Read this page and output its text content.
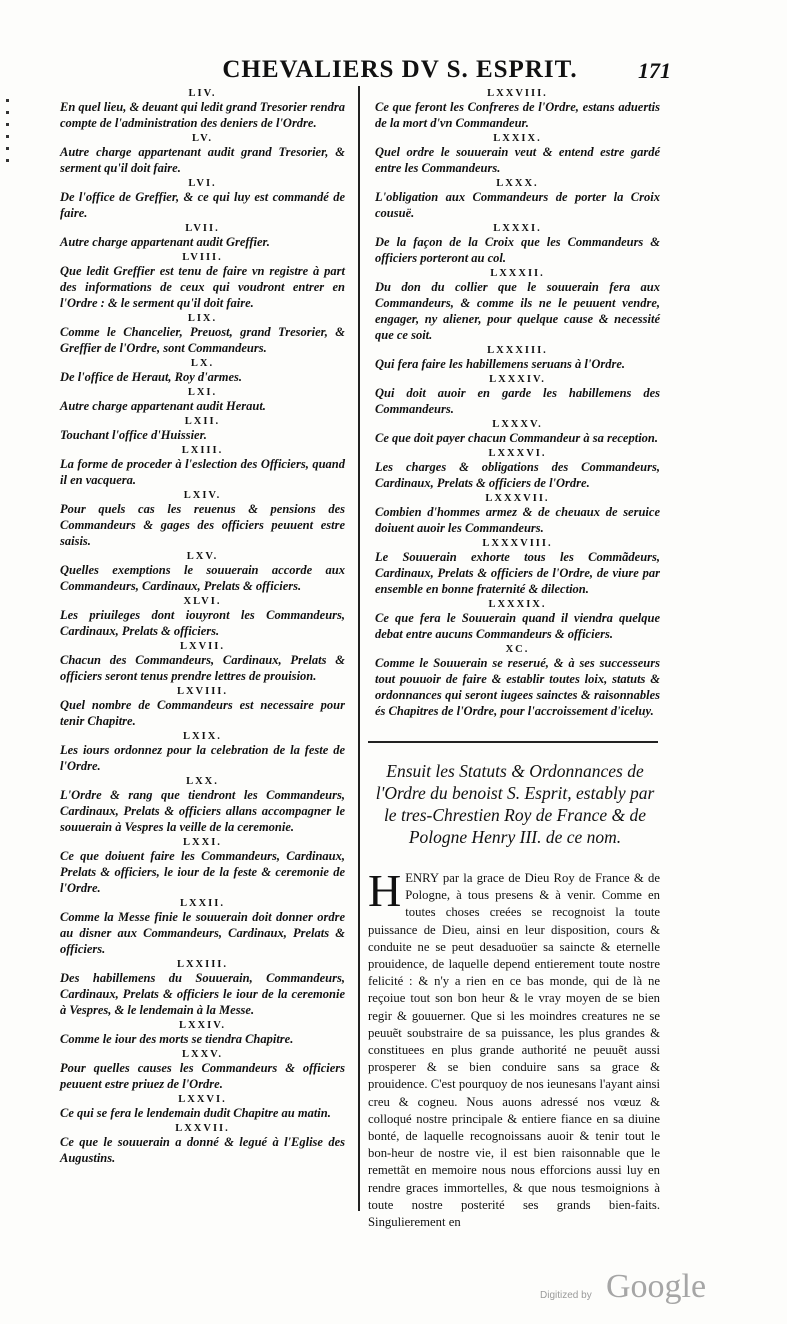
CHEVALIERS DV S. ESPRIT.	171
LIV.
En quel lieu, & deuant qui ledit grand Tresorier rendra compte de l'administration des deniers de l'Ordre.
LV.
Autre charge appartenant audit grand Tresorier, & serment qu'il doit faire.
LVI.
De l'office de Greffier, & ce qui luy est commandé de faire.
LVII.
Autre charge appartenant audit Greffier.
LVIII.
Que ledit Greffier est tenu de faire vn registre à part des informations de ceux qui voudront entrer en l'Ordre : & le serment qu'il doit faire.
LIX.
Comme le Chancelier, Preuost, grand Tresorier, & Greffier de l'Ordre, sont Commandeurs.
LX.
De l'office de Heraut, Roy d'armes.
LXI.
Autre charge appartenant audit Heraut.
LXII.
Touchant l'office d'Huissier.
LXIII.
La forme de proceder à l'eslection des Officiers, quand il en vacquera.
LXIV.
Pour quels cas les reuenus & pensions des Commandeurs & gages des officiers peuuent estre saisis.
LXV.
Quelles exemptions le souuerain accorde aux Commandeurs, Cardinaux, Prelats & officiers.
XLVI.
Les priuileges dont iouyront les Commandeurs, Cardinaux, Prelats & officiers.
LXVII.
Chacun des Commandeurs, Cardinaux, Prelats & officiers seront tenus prendre lettres de prouision.
LXVIII.
Quel nombre de Commandeurs est necessaire pour tenir Chapitre.
LXIX.
Les iours ordonnez pour la celebration de la feste de l'Ordre.
LXX.
L'Ordre & rang que tiendront les Commandeurs, Cardinaux, Prelats & officiers allans accompagner le souuerain à Vespres la veille de la ceremonie.
LXXI.
Ce que doiuent faire les Commandeurs, Cardinaux, Prelats & officiers, le iour de la feste & ceremonie de l'Ordre.
LXXII.
Comme la Messe finie le souuerain doit donner ordre au disner aux Commandeurs, Cardinaux, Prelats & officiers.
LXXIII.
Des habillemens du Souuerain, Commandeurs, Cardinaux, Prelats & officiers le iour de la ceremonie à Vespres, & le lendemain à la Messe.
LXXIV.
Comme le iour des morts se tiendra Chapitre.
LXXV.
Pour quelles causes les Commandeurs & officiers peuuent estre priuez de l'Ordre.
LXXVI.
Ce qui se fera le lendemain dudit Chapitre au matin.
LXXVII.
Ce que le souuerain a donné & legué à l'Eglise des Augustins.
LXXVIII.
Ce que feront les Confreres de l'Ordre, estans aduertis de la mort d'vn Commandeur.
LXXIX.
Quel ordre le souuerain veut & entend estre gardé entre les Commandeurs.
LXXX.
L'obligation aux Commandeurs de porter la Croix cousuë.
LXXXI.
De la façon de la Croix que les Commandeurs & officiers porteront au col.
LXXXII.
Du don du collier que le souuerain fera aux Commandeurs, & comme ils ne le peuuent vendre, engager, ny aliener, pour quelque cause & necessité que ce soit.
LXXXIII.
Qui fera faire les habillemens seruans à l'Ordre.
LXXXIV.
Qui doit auoir en garde les habillemens des Commandeurs.
LXXXV.
Ce que doit payer chacun Commandeur à sa reception.
LXXXVI.
Les charges & obligations des Commandeurs, Cardinaux, Prelats & officiers de l'Ordre.
LXXXVII.
Combien d'hommes armez & de cheuaux de seruice doiuent auoir les Commandeurs.
LXXXVIII.
Le Souuerain exhorte tous les Commãdeurs, Cardinaux, Prelats & officiers de l'Ordre, de viure par ensemble en bonne fraternité & dilection.
LXXXIX.
Ce que fera le Souuerain quand il viendra quelque debat entre aucuns Commandeurs & officiers.
XC.
Comme le Souuerain se reserué, & à ses successeurs tout pouuoir de faire & establir toutes loix, statuts & ordonnances qui seront iugees sainctes & raisonnables és Chapitres de l'Ordre, pour l'accroissement d'iceluy.
Ensuit les Statuts & Ordonnances de l'Ordre du benoist S. Esprit, estably par le tres-Chrestien Roy de France & de Pologne Henry III. de ce nom.
H ENRY par la grace de Dieu Roy de France & de Pologne, à tous presens & à venir. Comme en toutes choses creées se recognoist la toute puissance de Dieu, ainsi en leur disposition, cours & conduite ne se peut desaduoüer sa saincte & eternelle prouidence, de laquelle depend entierement toute nostre felicité : & n'y a rien en ce bas monde, qui de là ne reçoiue tout son bon heur & le vray moyen de se bien regir & gouuerner. Que si les moindres creatures ne se peuuẽt soubstraire de sa puissance, les plus grandes & constituees en plus grande authorité ne peuuẽt aussi prosperer & se bien conduire sans sa grace & prouidence. C'est pourquoy de nos ieunesans l'ayant ainsi creu & cogneu. Nous auons adressé nos vœuz & colloqué nostre principale & entiere fiance en sa diuine bonté, de laquelle recognoissans auoir & tenir tout le bon-heur de nostre vie, il est bien raisonnable que le remettãt en memoire nous nous efforcions aussi luy en rendre graces immortelles, & que nous tesmoignions à toute nostre posterité ses grands bien-faits. Singulierement en
Digitized by Google
